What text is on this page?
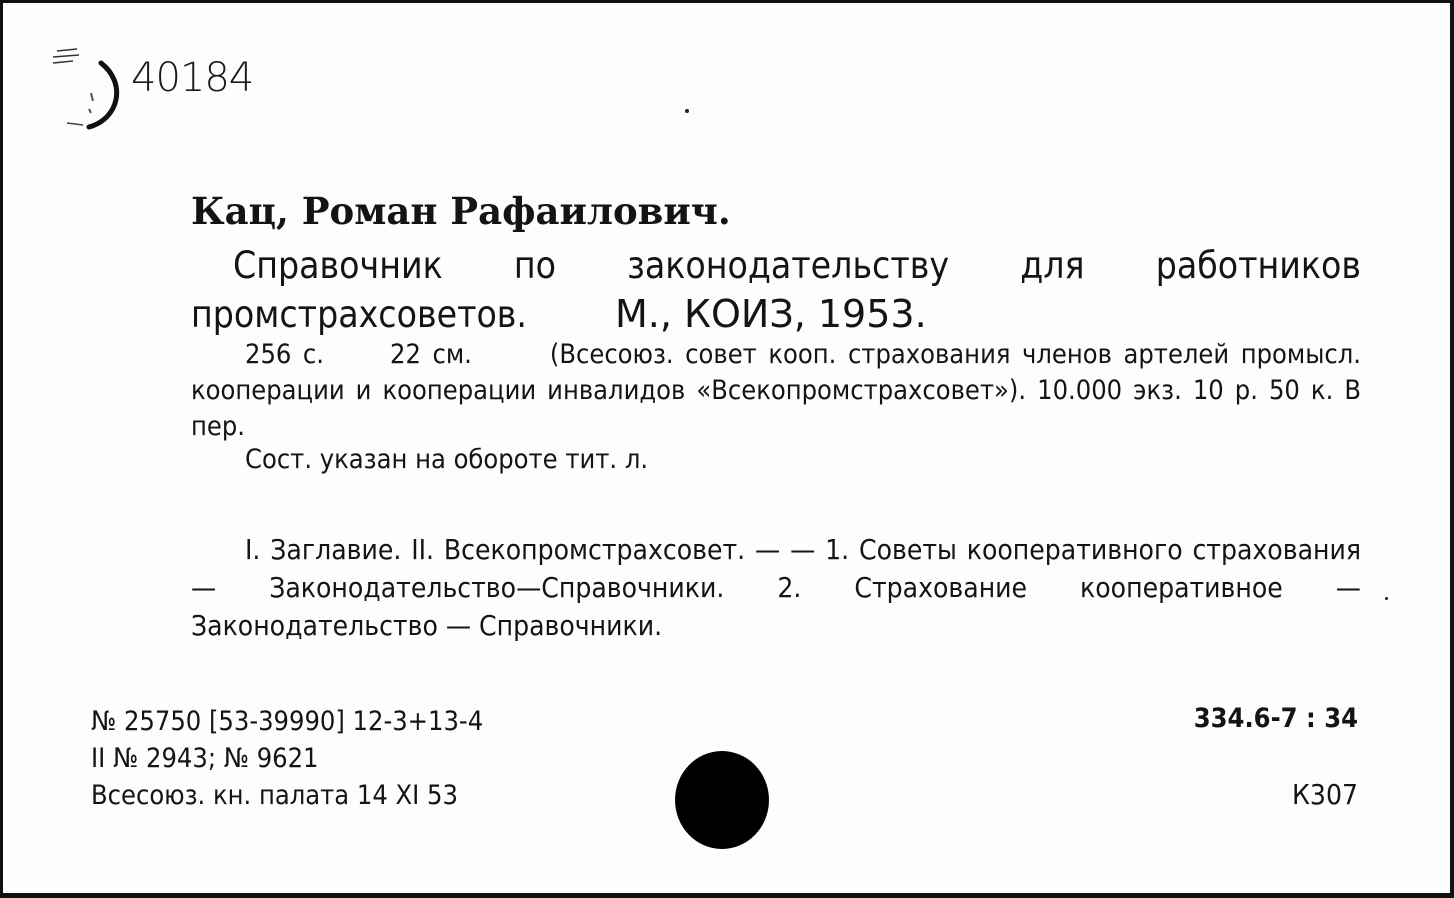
40184
Кац, Роман Рафаилович.
Справочник по законодательству для работников промстрахсоветов. М., КОИЗ, 1953.
256 с. 22 см.	(Всесоюз. совет кооп. страхования членов артелей промысл. кооперации и кооперации инвалидов «Всекопромстрахсовет»). 10.000 экз. 10 р. 50 к. В пер.
Сост. указан на обороте тит. л.
I. Заглавие. II. Всекопромстрахсовет. — — 1. Советы кооперативного страхования — Законодательство—Справочники. 2. Страхование кооперативное — Законодательство — Справочники.
№ 25750 [53-39990] 12-3+13-4
II № 2943; № 9621
Всесоюз. кн. палата 14 XI 53
334.6-7 : 34
К307
